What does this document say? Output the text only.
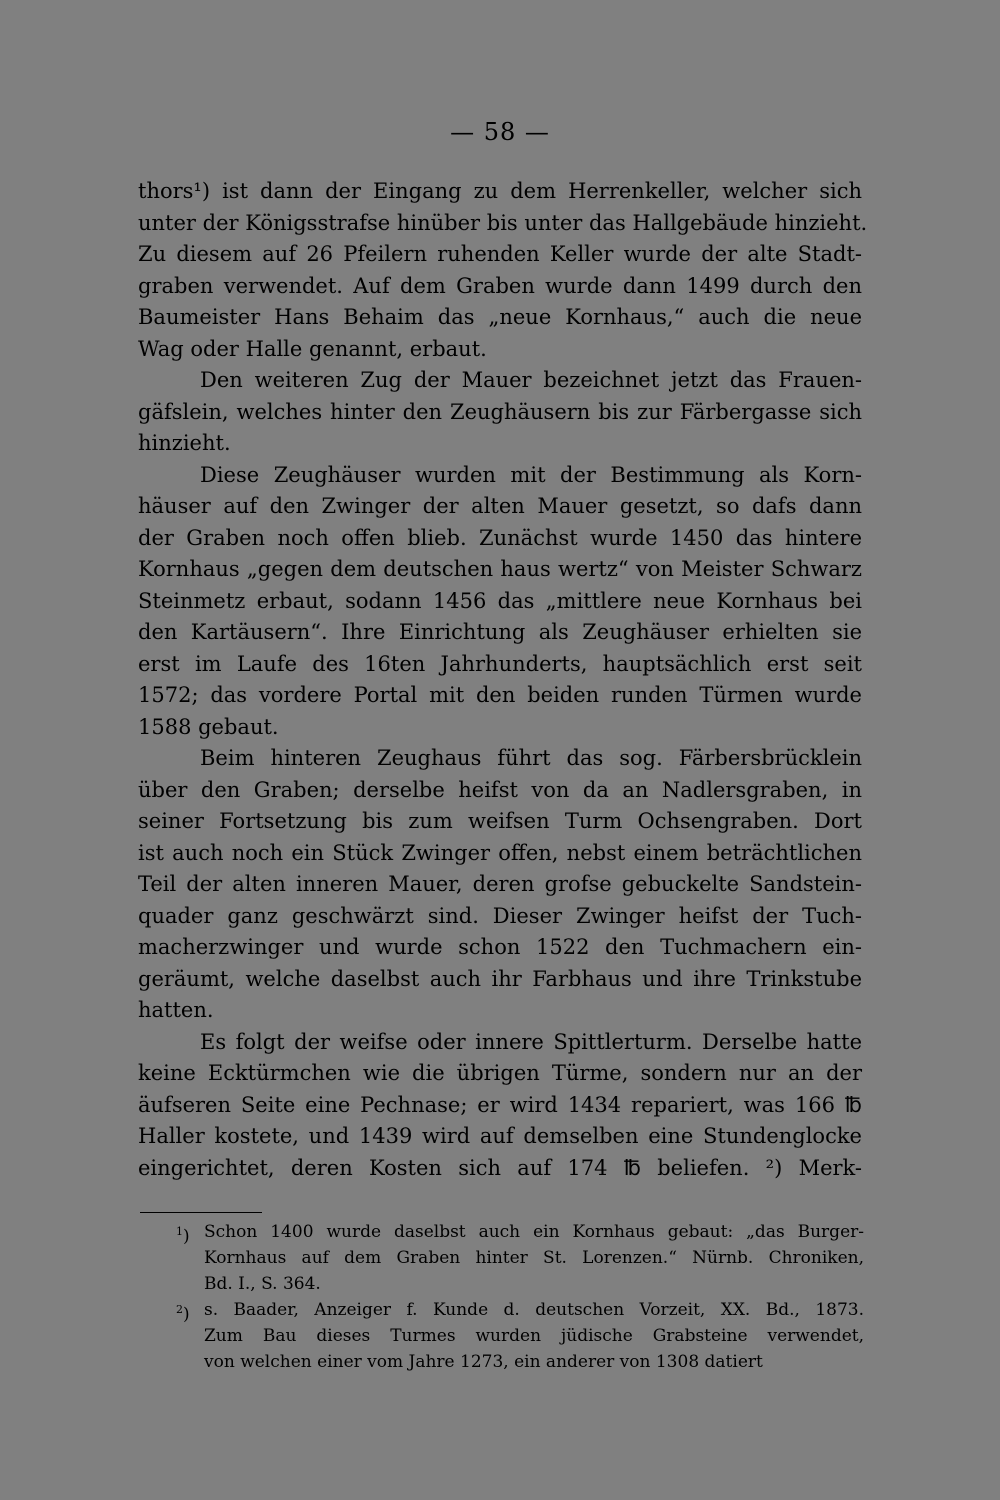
— 58 —
thors¹) ist dann der Eingang zu dem Herrenkeller, welcher sich
unter der Königsstrafse hinüber bis unter das Hallgebäude hinzieht.
Zu diesem auf 26 Pfeilern ruhenden Keller wurde der alte Stadt-
graben verwendet. Auf dem Graben wurde dann 1499 durch den
Baumeister Hans Behaim das „neue Kornhaus,“ auch die neue
Wag oder Halle genannt, erbaut.
Den weiteren Zug der Mauer bezeichnet jetzt das Frauen-
gäfslein, welches hinter den Zeughäusern bis zur Färbergasse sich
hinzieht.
Diese Zeughäuser wurden mit der Bestimmung als Korn-
häuser auf den Zwinger der alten Mauer gesetzt, so dafs dann
der Graben noch offen blieb. Zunächst wurde 1450 das hintere
Kornhaus „gegen dem deutschen haus wertz“ von Meister Schwarz
Steinmetz erbaut, sodann 1456 das „mittlere neue Kornhaus bei
den Kartäusern“. Ihre Einrichtung als Zeughäuser erhielten sie
erst im Laufe des 16ten Jahrhunderts, hauptsächlich erst seit
1572; das vordere Portal mit den beiden runden Türmen wurde
1588 gebaut.
Beim hinteren Zeughaus führt das sog. Färbersbrücklein
über den Graben; derselbe heifst von da an Nadlersgraben, in
seiner Fortsetzung bis zum weifsen Turm Ochsengraben. Dort
ist auch noch ein Stück Zwinger offen, nebst einem beträchtlichen
Teil der alten inneren Mauer, deren grofse gebuckelte Sandstein-
quader ganz geschwärzt sind. Dieser Zwinger heifst der Tuch-
macherzwinger und wurde schon 1522 den Tuchmachern ein-
geräumt, welche daselbst auch ihr Farbhaus und ihre Trinkstube
hatten.
Es folgt der weifse oder innere Spittlerturm. Derselbe hatte
keine Ecktürmchen wie die übrigen Türme, sondern nur an der
äufseren Seite eine Pechnase; er wird 1434 repariert, was 166 ℔
Haller kostete, und 1439 wird auf demselben eine Stundenglocke
eingerichtet, deren Kosten sich auf 174 ℔ beliefen. ²) Merk-
$^1$) Schon 1400 wurde daselbst auch ein Kornhaus gebaut: „das Burger-
Kornhaus auf dem Graben hinter St. Lorenzen.“ Nürnb. Chroniken,
Bd. I., S. 364.
$^2$) s. Baader, Anzeiger f. Kunde d. deutschen Vorzeit, XX. Bd., 1873.
Zum Bau dieses Turmes wurden jüdische Grabsteine verwendet,
von welchen einer vom Jahre 1273, ein anderer von 1308 datiert
